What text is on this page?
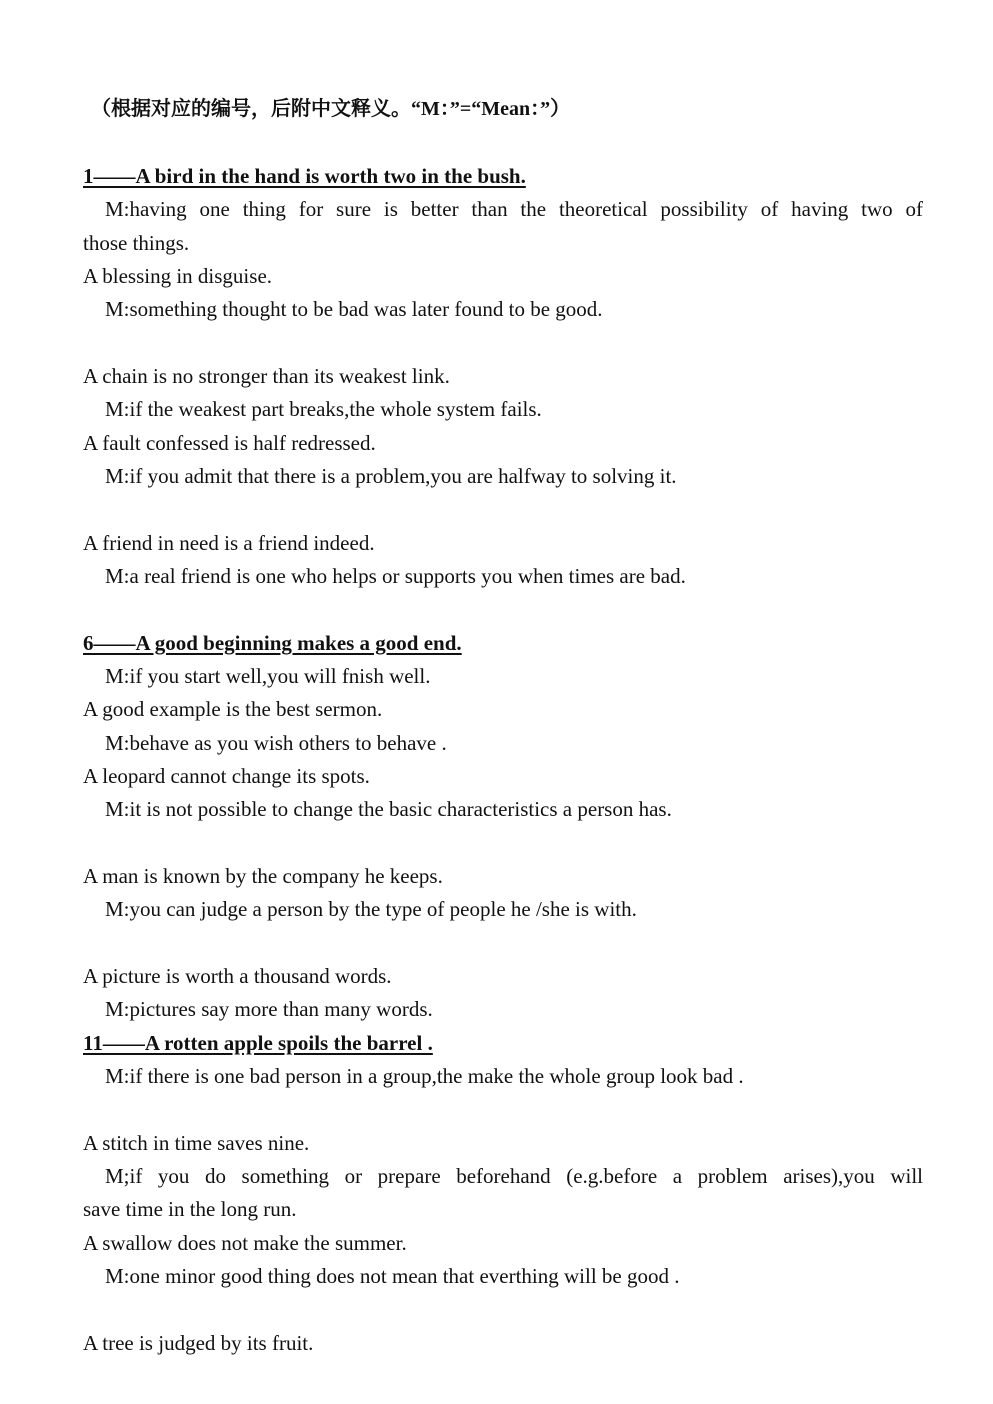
（根据对应的编号，后附中文释义。“M：”=“Mean：”）
1——A bird in the hand is worth two in the bush.
M:having one thing for sure is better than the theoretical possibility of having two of
those things.
A blessing in disguise.
M:something thought to be bad was later found to be good.
A chain is no stronger than its weakest link.
M:if the weakest part breaks,the whole system fails.
A fault confessed is half redressed.
M:if you admit that there is a problem,you are halfway to solving it.
A friend in need is a friend indeed.
M:a real friend is one who helps or supports you when times are bad.
6——A good beginning makes a good end.
M:if you start well,you will fnish well.
A good example is the best sermon.
M:behave as you wish others to behave .
A leopard cannot change its spots.
M:it is not possible to change the basic characteristics a person has.
A man is known by the company he keeps.
M:you can judge a person by the type of people he /she is with.
A picture is worth a thousand words.
M:pictures say more than many words.
11——A rotten apple spoils the barrel .
M:if there is one bad person in a group,the make the whole group look bad .
A stitch in time saves nine.
M;if you do something or prepare beforehand (e.g.before a problem arises),you will
save time in the long run.
A swallow does not make the summer.
M:one minor good thing does not mean that everthing will be good .
A tree is judged by its fruit.
